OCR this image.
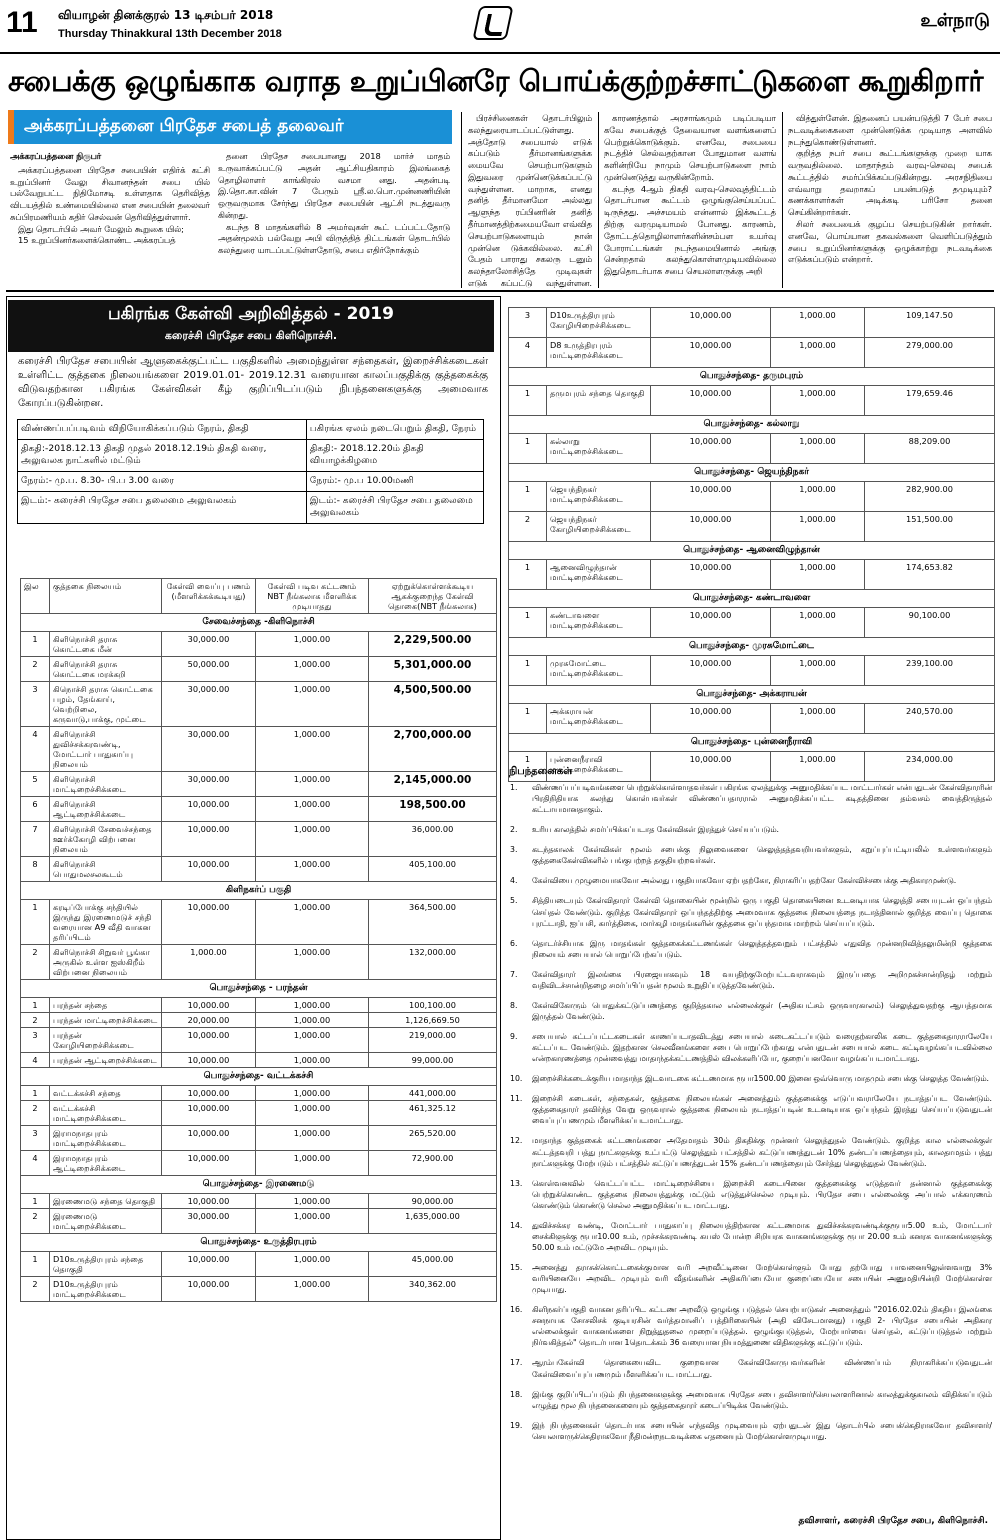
11 வியாழன் தினக்குரல் 13 டிசம்பர் 2018
Thursday Thinakkural 13th December 2018
உள்நாடு
சபைக்கு ஒழுங்காக வராத உறுப்பினரே பொய்க்குற்றச்சாட்டுகளை கூறுகிறார்
அக்கரப்பத்தனை பிரதேச சபைத் தலைவர்
அக்கரப்பத்தனை நிருபர்
அக்கரப்பத்தனை பிரதேச சபையின் எதிர்க் கட்சி உறுப்பினர் வேலு சிவானந்தன் சபை யில் பல்வேறுபட்ட நிதிமோசடி உள்ளதாக தெரிவித்த விடயத்தில் உண்மையில்லை என சபையின் தலைவர் சுப்பிரமணியம் கதிர் செல்வன் தெரிவித்துள்ளார்.
இது தொடர்பில் அவர் மேலும் கூறுகை யில்;
15 உறுப்பினர்களைக்கொண்ட அக்கரப்பத்
தனை பிரதேச சபையானது 2018 மார்ச் மாதம் உருவாக்கப்பட்டு அதன் ஆட்சியதிகாரம் இலங்கைத் தொழிலாளர் காங்கிரஸ் வசமா னது. அதன்படி இ.தொ.கா.வின் 7 பேரும் ஸ்ரீ.ல.பொ.முன்னணியின் ஒருவருமாக சேர்ந்து பிரதேச சபையின் ஆட்சி நடத்துவரு கின்றது.
கடந்த 8 மாதங்களில் 8 அமர்வுகள் கூட் டப்பட்டதோடு அதன்மூலம் பல்வேறு அபி விருத்தித் திட்டங்கள் தொடர்பில் கலந்துரை யாடப்பட்டுள்ளதோடு, சபை எதிர்நோக்கும்
பிரச்சினைகள் தொடர்பிலும் கலந்துரையாடப்பட்டுள்ளது. அத்தோடு சபையால் எடுக் கப்படும் தீர்மானங்களுக்க மையவே செயற்பாடுகளும் இதுவரை முன்னெடுக்கப்பட்டு வந்துள்ளன. மாறாக, எனது தனித் தீர்மானமோ அல்லது ஆளுந்த ரப்பினரின் தனித் தீர்மானத்திற்கமையவோ எவ்வித செயற்பாடுகளையும் நான் முன்னெ டுக்கவில்லை. கட்சி பேதம் பாராது சகலரு டனும் கலந்தாலோசித்தே முடிவுகள் எடுக் கப்பட்டு வந்துள்ளன.
காரணத்தால் அரசாங்கமும் படிப்படியா கவே சபைக்குத் தேவையான வளங்களைப் பெற்றுக்கொடுக்கும். எனவே, சபையை நடத்திச் செல்வதற்கான போதுமான வளங் களின்றியே நாமும் செயற்பாடுகளை நாம் முன்னெடுத்து வருகின்றோம்.
கடந்த 4ஆம் திகதி வரவு-செலவுத்திட்டம் தொடர்பான கூட்டம் ஒழுங்குசெய்யப்பட் டிருந்தது. அச்சமயம் என்னால் இக்கூட்டத் திற்கு வரமுடியாமல் போனது. காரணம், தோட்டத்தொழிலாளர்களின்சம்பள உயர்வு போராட்டங்கள் நடந்தமையினால் அங்கு சென்றதால் கலந்துகொள்ளமுடியவில்லை இதுதொடர்பாக சபை செயலாளருக்கு அறி
வித்துள்ளேன். இதனைப் பயன்படுத்தி 7 பேர் சபை நடவடிக்கைகளை முன்னெடுக்க முடியாத அளவில் நடந்துகொண்டுள்ளனர்.
குறித்த நபர் சபை கூட்டங்களுக்கு முறை யாக வருவதில்லை. மாதாந்தம் வரவு-செலவு சபைக் கூட்டத்தில் சமர்ப்பிக்கப்படுகின்றது. அரசநிதியை எவ்வாறு தவறாகப் பயன்படுத் தமுடியும்? கணக்காளர்கள் அடிக்கடி பரிசோ தனை செய்கின்றார்கள்.
சிலர் சபையைக் குழப்ப செயற்படுகின் றார்கள். எனவே, பொய்யான தகவல்களை வெளிப்படுத்தும் சபை உறுப்பினர்களுக்கு ஒழுக்காற்று நடவடிக்கை எடுக்கப்படும் என்றார்.
பகிரங்க கேள்வி அறிவித்தல் - 2019
கரைச்சி பிரதேச சபை கிளிநொச்சி.
கரைச்சி பிரதேச சபையின் ஆளுகைக்குட்பட்ட பகுதிகளில் அமைந்துள்ள சந்தைகள், இறைச்சிக்கடைகள் உள்ளிட்ட குத்தகை நிலையங்களை 2019.01.01- 2019.12.31 வரையான காலப்பகுதிக்கு குத்தகைக்கு விடுவதற்கான பகிரங்க கேள்விகள் கீழ் குறிப்பிடப்படும் நிபந்தனைகளுக்கு அமைவாக கோரப்படுகின்றன.
விண்ணப்பப்படிவம் விநியோகிக்கப்படும் நேரம், திகதி	பகிரங்க ஏலம் நடைபெறும் திகதி, நேரம்
திகதி:-2018.12.13 திகதி முதல் 2018.12.19ம் திகதி வரை, அலுவலக நாட்களில் மட்டும்	திகதி:- 2018.12.20ம் திகதி வியாழக்கிழமை
நேரம்:- மு.ப. 8.30- பி.ப 3.00 வரை	நேரம்:- மு.ப 10.00மணி
இடம்:- கரைச்சி பிரதேச சபை தலைமை அலுவலகம்	இடம்:- கரைச்சி பிரதேச சபை தலைமை அலுவலகம்
இல	குத்தகை நிலையம்	கேள்வி வைப்பு பணம் (மீளளிக்கக்கூடியது)	கேள்வி படிவ கட்டணம் NBT நீங்கலாக மீளளிக்க முடியாதது	ஏற்றுக்கொள்ளக்கூடிய ஆகக்குறைந்த கேள்வி தொகை(NBT நீங்கலாக)
சேவைச்சந்தை -கிளிநொச்சி				
1	கிளிநொச்சி தராசு கொட்டகை மீன்	30,000.00	1,000.00	2,229,500.00
2	கிளிநொச்சி தராசு கொட்டகை மரக்கறி	50,000.00	1,000.00	5,301,000.00
3	கிநொச்சி தராசு கொட்டகை பழம், தேங்காய், வெற்றிலை, கருவாடு,பாக்கு, முட்டை	30,000.00	1,000.00	4,500,500.00
4	கிளிநொச்சி துவிச்சக்கரவண்டி, மோட்டார் பாதுகாப்பு நிலையம்	30,000.00	1,000.00	2,700,000.00
5	கிளிநொச்சி மாட்டிறைச்சிக்கடை	30,000.00	1,000.00	2,145,000.00
6	கிளிநொச்சி ஆட்டிறைச்சிக்கடை	10,000.00	1,000.00	198,500.00
7	கிளிநொச்சி சேவைச்சந்தை ஊர்க்கோழி விற்பனை நிலையம்	10,000.00	1,000.00	36,000.00
8	கிளிநொச்சி பொதுமலசலகூடம்	10,000.00	1,000.00	405,100.00
கிளிநகர்ப் பகுதி				
1	கரடிப்போக்கு சந்தியில் இருந்து இரணைமடுச் சந்தி வரையான A9 வீதி வாகன தரிப்பிடம்	10,000.00	1,000.00	364,500.00
2	கிளிநொச்சி சிறுவர் பூங்கா அருகில் உள்ள ஐஸ்கிறீம் விற்பனை நிலையம்	1,000.00	1,000.00	132,000.00
பொதுச்சந்தை - பரந்தன்				
1	பரந்தன் சந்தை	10,000.00	1,000.00	100,100.00
2	பரந்தன் மாட்டிறைச்சிக்கடை	20,000.00	1,000.00	1,126,669.50
3	பரந்தன் கோழியிறைச்சிக்கடை	10,000.00	1,000.00	219,000.00
4	பரந்தன் ஆட்டிறைச்சிக்கடை	10,000.00	1,000.00	99,000.00
பொதுச்சந்தை- வட்டக்கச்சி				
1	வட்டக்கச்சி சந்தை	10,000.00	1,000.00	441,000.00
2	வட்டக்கச்சி மாட்டிறைச்சிக்கடை	10,000.00	1,000.00	461,325.12
3	இராமநாதபுரம் மாட்டிறைச்சிக்கடை	10,000.00	1,000.00	265,520.00
4	இராமநாதபுரம் ஆட்டிறைச்சிக்கடை	10,000.00	1,000.00	72,900.00
பொதுச்சந்தை- இரணைமடு				
1	இரணைமடு சந்தை தொகுதி	10,000.00	1,000.00	90,000.00
2	இரணைமடு மாட்டிறைச்சிக்கடை	30,000.00	1,000.00	1,635,000.00
பொதுச்சந்தை- உருத்திரபுரம்				
1	D10உருத்திரபுரம் சந்தை தொகுதி	10,000.00	1,000.00	45,000.00
2	D10உருத்திரபுரம் மாட்டிறைச்சிக்கடை	10,000.00	1,000.00	340,362.00
3	D10உருத்திரபுரம் கோழியிறைச்சிக்கடை	10,000.00	1,000.00	109,147.50
4	D8 உருத்திரபுரம் மாட்டிறைச்சிக்கடை	10,000.00	1,000.00	279,000.00
பொதுச்சந்தை- தருமபுரம்				
1	தருமபுரம் சந்தை தொகுதி	10,000.00	1,000.00	179,659.46
பொதுச்சந்தை- கல்லாறு				
1	கல்லாறு மாட்டிறைச்சிக்கடை	10,000.00	1,000.00	88,209.00
பொதுச்சந்தை- ஜெயந்திநகர்				
1	ஜெயந்திநகர் மாட்டிறைச்சிக்கடை	10,000.00	1,000.00	282,900.00
2	ஜெயந்திநகர் கோழியிறைச்சிக்கடை	10,000.00	1,000.00	151,500.00
பொதுச்சந்தை- ஆனைவிழுந்தான்				
1	ஆனைவிழுந்தான் மாட்டிறைச்சிக்கடை	10,000.00	1,000.00	174,653.82
பொதுச்சந்தை- கண்டாவளை				
1	கண்டாவளை மாட்டிறைச்சிக்கடை	10,000.00	1,000.00	90,100.00
பொதுச்சந்தை- முரசுமோட்டை				
1	முரசுமோட்டை மாட்டிறைச்சிக்கடை	10,000.00	1,000.00	239,100.00
பொதுச்சந்தை- அக்கராயன்				
1	அக்கராயன் மாட்டிறைச்சிக்கடை	10,000.00	1,000.00	240,570.00
பொதுச்சந்தை- புன்னைநீராவி				
1	புன்னைநீராவி மாட்டிறைச்சிக்கடை	10,000.00	1,000.00	234,000.00
நிபந்தனைகள்
1. விண்ணப்பப்படிவங்களை பெற்றுக்கொள்ளாதவர்கள் பகிரங்க ஏலத்துக்கு அனுமதிக்கப்பட மாட்டார்கள் என்பதுடன் கேள்விதாரரின் பிரதிநிதியாக கலந்து கொள்பவர்கள் விண்ணப்பதாரரால் அனுமதிக்கப்பட்ட கடிதத்தினை தம்வசம் வைத்திருத்தல் கட்டாயமானதாகும்.
2. உரிய காலத்தில் சமர்ப்பிக்கப்படாத கேள்விகள் இரத்துச் செய்யப்படும்.
3. கடந்தகாலக் கேள்விகள் மூலம் சபைக்கு நிலுவைகளை செலுத்தத்தவறியவர்களும், கறுப்புப்பட்டியலில் உள்ளவர்களும் குத்தகைகேள்விகளில் பங்குபற்றத் தகுதியற்றவர்கள்.
4. கேள்வியை முழுமையாகவோ அல்லது பகுதியாகவோ ஏற்பதற்கோ, நிராகரிப்பதற்கோ கேள்விச்சபைக்கு அதிகாரமுண்டு.
5. சித்தியடையும் கேள்விதாரர் கேள்வி தொகையின் மூன்றில் ஒரு பகுதி தொகையினை உடனடியாக செலுத்தி சபையுடன் ஒப்பந்தம் செய்தல் வேண்டும். குறித்த கேள்விதாரர் ஒப்பந்தத்திற்கு அமைவாக குத்தகை நிலையத்தை நடாத்தினால் குறித்த வைப்பு தொகை புரட்டாதி, ஐப்பசி, கார்த்திகை, மார்கழி மாதங்களின் குத்தகை ஒப்பந்தமாக மாற்றம் செய்யப்படும்.
6. தொடர்ச்சியாக இரு மாதங்கள் குத்தகைக்கட்டணங்கள் செலுத்தத்தவறும் பட்சத்தில் எதுவித முன்னறிவித்தலுமின்றி குத்தகை நிலையம் சபையால் பொறுப்பேற்கப்படும்.
7. கேள்விதாரர் இலங்கை பிரஜையாகவும் 18 வயதிற்குமேற்பட்டவராகவும் இருப்பதை அறிமுகச்சான்றிதழ் மற்றும் வதிவிடச்சான்றிதழை சமர்ப்பிப்பதன் மூலம் உறுதிப்படுத்தவேண்டும்.
8. கேள்விகோரும் பொதுக்கட்டுப்பணத்தை குறித்தகால எல்லைக்குள் (அதிகபட்சம் ஒருவாரகாலம்) செலுத்துவதற்கு ஆயத்தமாக இருத்தல் வேண்டும்.
9. சபையால் கட்டப்பட்டகடைகள் காணப்படாதவிடத்து சபையால் கடைகட்டப்படும் வரைதற்காலிக கடை குத்தகைதாரராலேயே கட்டப்பட வேண்டும். இதற்கான செலவீனங்களை சபை பொறுப்பேற்காது என்பதுடன் சபையால் கடை கட்டிவழங்கப்படவில்லை என்றகாரணத்தை முன்வைத்து மாதாந்தக்கட்டணத்தில் விலக்களிப்போ, குறைப்பனவோ வழங்கப்படமாட்டாது.
10. இறைச்சிக்கடைக்குரிய மாதாந்த இடவாடகை கட்டணமாக ரூபா1500.00 இனை ஒவ்வொரு மாதமும் சபைக்கு செலுத்த வேண்டும்.
11. இறைச்சி கடைகள், சந்தைகள், குத்தகை நிலையங்கள் அனைத்தும் குத்தகைக்கு எடுப்பவராலேயே நடாத்தப்பட வேண்டும். குத்தகைதாரர் தவிர்ந்த வேறு ஒருவரால் குத்தகை நிலையம் நடாத்தப்படின் உடனடியாக ஒப்பந்தம் இரத்து செய்யப்படுவதுடன் வைப்புப்பணமும் மீளளிக்கப்படமாட்டாது.
12. மாதாந்த குத்தகைக் கட்டணங்களை அதேமாதம் 30ம் திகதிக்கு முன்னர் செலுத்துதல் வேண்டும். குறித்த கால எல்லைக்குள் கட்டத்தவறி பத்து நாட்களுக்கு உட்பட்டு செலுத்தும் பட்சத்தில் கட்டுப்பணத்துடன் 10% தண்டப்பணத்தையும், காலதாமதம் பத்து நாட்களுக்கு மேற்படும் பட்சத்தில் கட்டுப்பணத்துடன் 15% தண்டப்பணத்தையும் சேர்த்து செலுத்துதல் வேண்டும்.
13. கொள்வனவில் வெட்டப்பட்ட மாட்டிறைச்சியை இறைச்சி கடையினை குத்தகைக்கு எடுத்தவர் தன்னால் குத்தகைக்கு பெற்றுக்கொண்ட குத்தகை நிலையத்துக்கு மட்டும் எடுத்துச்செல்ல முடியும். பிரதேச சபை எல்லைக்கு அப்பால் எக்காரணம் கொண்டும் கொண்டு செல்ல அனுமதிக்கப்பட மாட்டாது.
14. துவிச்சக்கர வண்டி, மோட்டார் பாதுகாப்பு நிலையத்திற்கான கட்டணமாக துவிச்சக்கரவண்டிக்குரூபா5.00 உம், மோட்டார் சைக்கிளுக்கு ரூபா10.00 உம், முச்சக்கரவண்டி கயஸ் போன்ற சிறியரக வாகனங்களுக்கு ரூபா 20.00 உம் கனரக வாகனங்களுக்கு 50.00 உம் மட்டுமே அறவிட முடியும்.
15. அனைத்து தராசுக்கொட்டகைக்குமான வரி அறவீட்டினை மேற்கொள்ளும் போது தற்போது பாவனையிலுள்ளவாறு 3% வரியினையே அறவிட முடியும் வரி வீதங்களின் அதிகரிப்பையோ குறைப்பையோ சபையின் அனுமதியின்றி மேற்கொள்ள முடியாது.
16. கிளிநகர்ப்பகுதி வாகன தரிப்பிட கட்டண அறவீடு ஒழுங்கு படுத்தல் செயற்பாடுகள் அனைத்தும் "2016.02.02ம் திகதிய இலங்கை சனநாயக சோசலிசக் குடியரசின் வர்த்தமானிப் பத்திரிகையின் (அதி விசேடமானது) பகுதி 2- பிரதேச சபையின் அதிகார எல்லைக்குள் வாகனங்களை நிறுத்துதலை முறைப்படுத்தல். ஒழுங்குபடுத்தல், மேற்பார்வை செய்தல், கட்டுப்படுத்தல் மற்றும் நிர்வகித்தல்" தொடர்பான 1தொடக்கம் 36 வரையான நியமத்துணை விதிகளுக்கு கட்டுப்படும்.
17. ஆரம்பகேள்வி தொகையைவிட குறைவான கேள்விகோருபவர்களின் விண்ணப்பம் நிராகரிக்கப்படுவதுடன் கேள்விவைப்புப்பணமும் மீளளிக்கப்பட மாட்டாது.
18. இங்கு குறிப்பிடப்படும் நிபந்தனைகளுக்கு அமைவாக பிரதேச சபை தவிசாளர்/செயலாளரினால் காலத்துக்குகாலம் விதிக்கப்படும் எழுத்து மூல நிபந்தனைகளையும் குத்தகைதாரர் கடைப்பிடிக்க வேண்டும்.
19. இந் நிபந்தனைகள் தொடர்பாக சபையின் எந்தவித முடிவையும் ஏற்பதுடன் இது தொடர்பில் சபைக்கெதிராகவோ தவிசாளர்/செயலாளருக்கெதிராகவோ நீதிமன்றநடவடிக்கை எதனையும் மேற்கொள்ளமுடியாது.
தவிசாளர், கரைச்சி பிரதேச சபை, கிளிநொச்சி.
